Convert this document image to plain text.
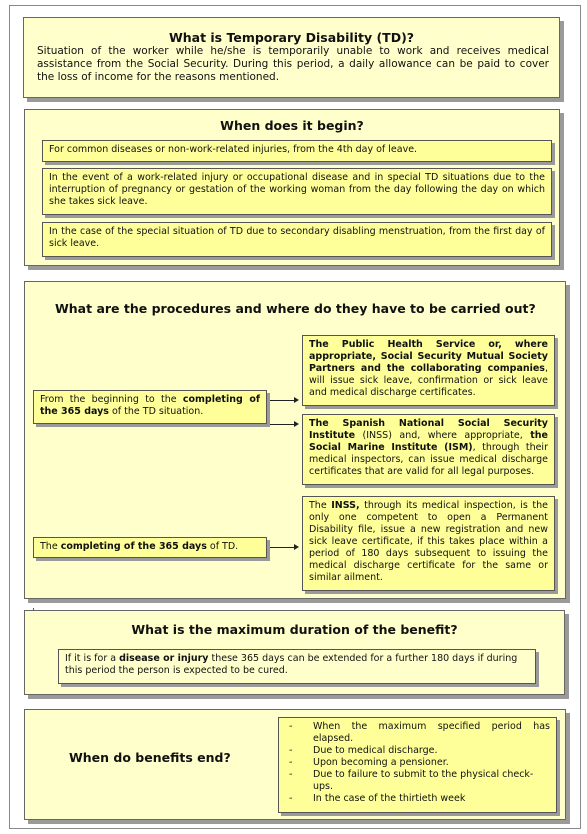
What is Temporary Disability (TD)?
Situation of the worker while he/she is temporarily unable to work and receives medical assistance from the Social Security. During this period, a daily allowance can be paid to cover the loss of income for the reasons mentioned.
When does it begin?
For common diseases or non-work-related injuries, from the 4th day of leave.
In the event of a work-related injury or occupational disease and in special TD situations due to the interruption of pregnancy or gestation of the working woman from the day following the day on which she takes sick leave.
In the case of the special situation of TD due to secondary disabling menstruation, from the first day of sick leave.
What are the procedures and where do they have to be carried out?
From the beginning to the completing of the 365 days of the TD situation.
The completing of the 365 days of TD.
The Public Health Service or, where appropriate, Social Security Mutual Society Partners and the collaborating companies, will issue sick leave, confirmation or sick leave and medical discharge certificates.
The Spanish National Social Security Institute (INSS) and, where appropriate, the Social Marine Institute (ISM), through their medical inspectors, can issue medical discharge certificates that are valid for all legal purposes.
The INSS, through its medical inspection, is the only one competent to open a Permanent Disability file, issue a new registration and new sick leave certificate, if this takes place within a period of 180 days subsequent to issuing the medical discharge certificate for the same or similar ailment.
What is the maximum duration of the benefit?
If it is for a disease or injury these 365 days can be extended for a further 180 days if during this period the person is expected to be cured.
When do benefits end?
- When the maximum specified period has elapsed.
- Due to medical discharge.
- Upon becoming a pensioner.
- Due to failure to submit to the physical check-ups.
- In the case of the thirtieth week
